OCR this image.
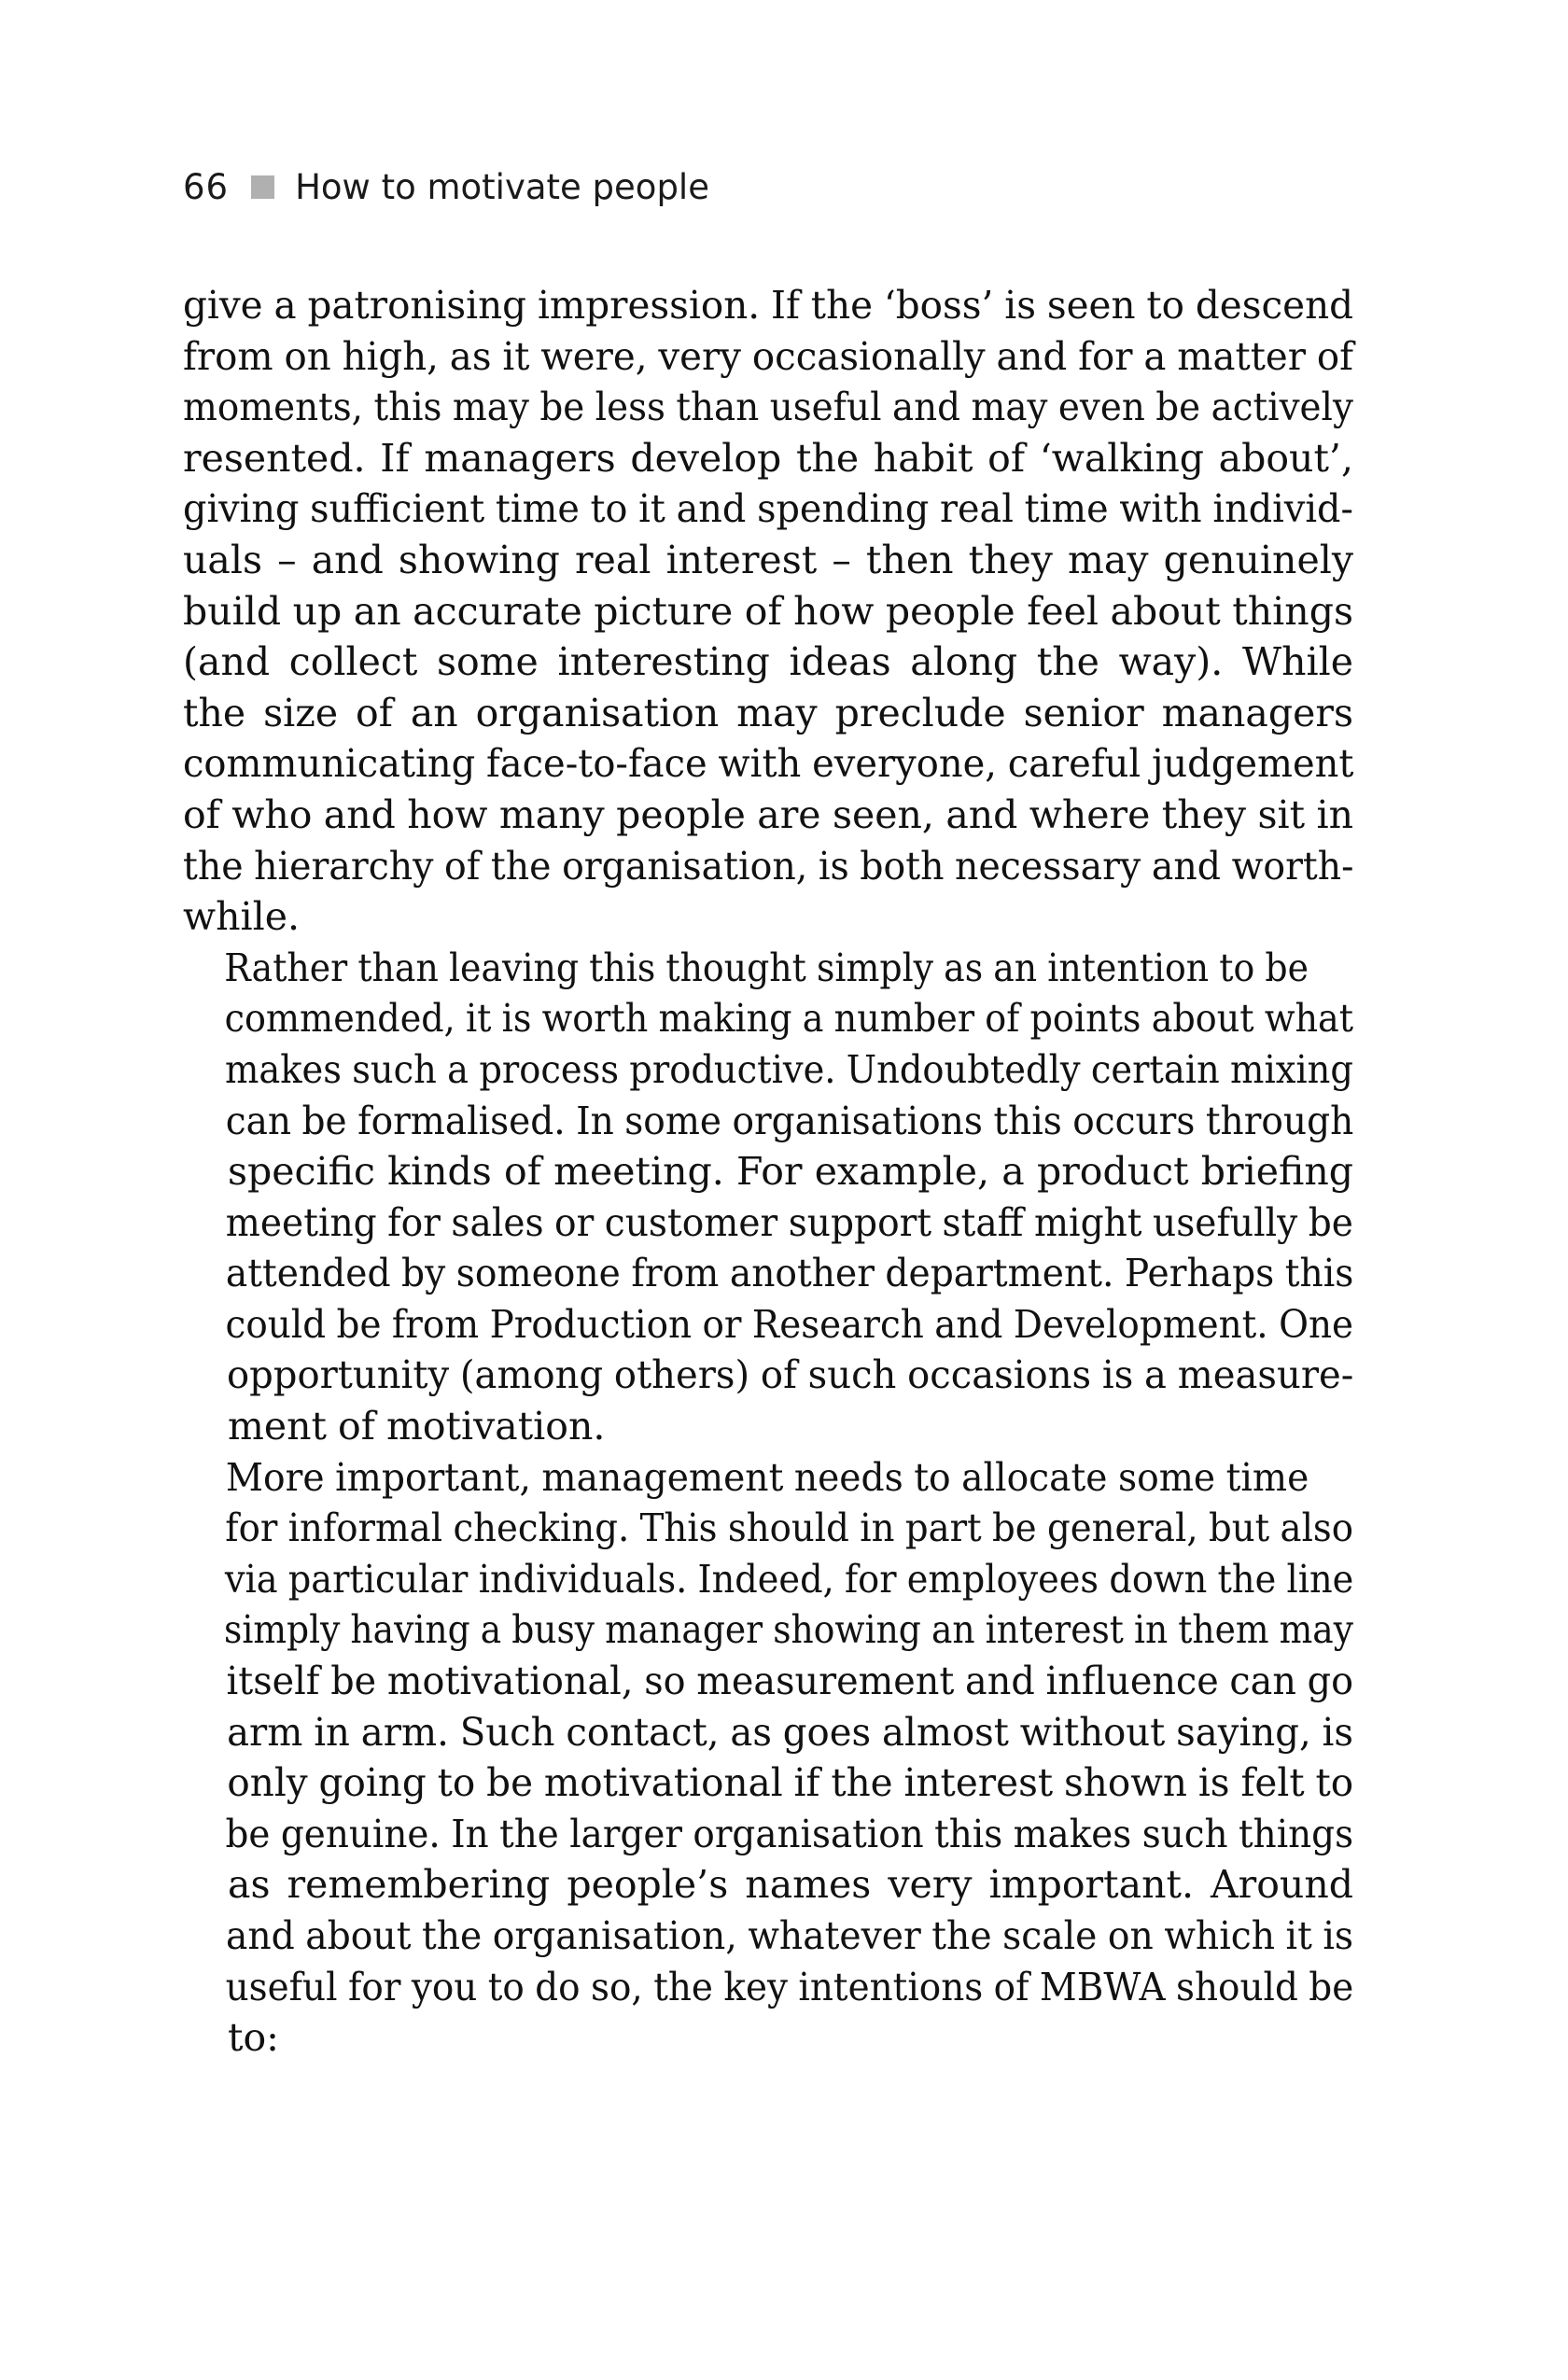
66 How to motivate people
give a patronising impression. If the ‘boss’ is seen to descend
from on high, as it were, very occasionally and for a matter of
moments, this may be less than useful and may even be actively
resented. If managers develop the habit of ‘walking about’,
giving sufficient time to it and spending real time with individ-
uals – and showing real interest – then they may genuinely
build up an accurate picture of how people feel about things
(and collect some interesting ideas along the way). While
the size of an organisation may preclude senior managers
communicating face-to-face with everyone, careful judgement
of who and how many people are seen, and where they sit in
the hierarchy of the organisation, is both necessary and worth-
while.
Rather than leaving this thought simply as an intention to be
commended, it is worth making a number of points about what
makes such a process productive. Undoubtedly certain mixing
can be formalised. In some organisations this occurs through
specific kinds of meeting. For example, a product briefing
meeting for sales or customer support staff might usefully be
attended by someone from another department. Perhaps this
could be from Production or Research and Development. One
opportunity (among others) of such occasions is a measure-
ment of motivation.
More important, management needs to allocate some time
for informal checking. This should in part be general, but also
via particular individuals. Indeed, for employees down the line
simply having a busy manager showing an interest in them may
itself be motivational, so measurement and influence can go
arm in arm. Such contact, as goes almost without saying, is
only going to be motivational if the interest shown is felt to
be genuine. In the larger organisation this makes such things
as remembering people’s names very important. Around
and about the organisation, whatever the scale on which it is
useful for you to do so, the key intentions of MBWA should be
to:
